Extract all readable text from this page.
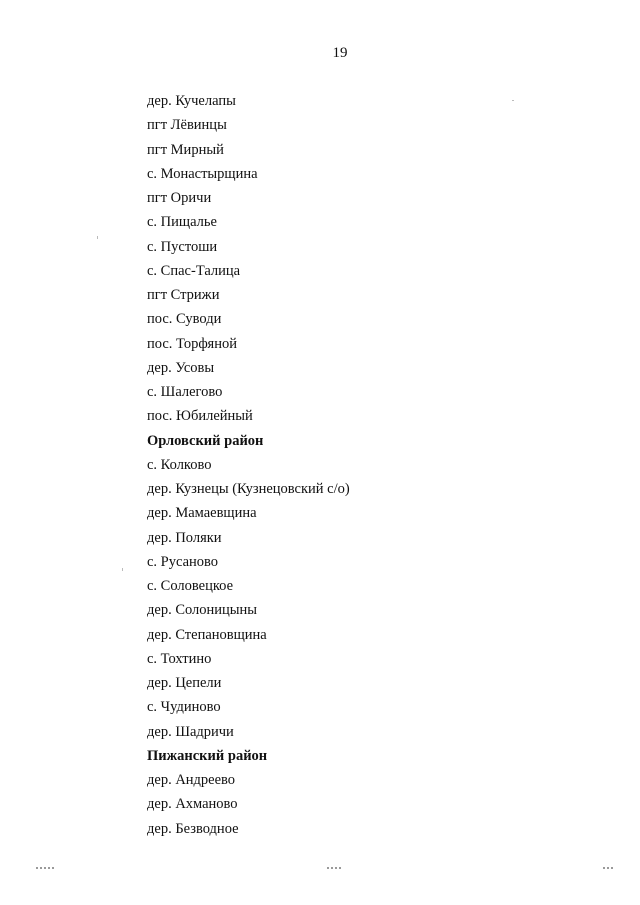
19
дер. Кучелапы
пгт Лёвинцы
пгт Мирный
с. Монастырщина
пгт Оричи
с. Пищалье
с. Пустоши
с. Спас-Талица
пгт Стрижи
пос. Суводи
пос. Торфяной
дер. Усовы
с. Шалегово
пос. Юбилейный
Орловский район
с. Колково
дер. Кузнецы (Кузнецовский с/о)
дер. Мамаевщина
дер. Поляки
с. Русаново
с. Соловецкое
дер. Солоницыны
дер. Степановщина
с. Тохтино
дер. Цепели
с. Чудиново
дер. Шадричи
Пижанский район
дер. Андреево
дер. Ахманово
дер. Безводное
